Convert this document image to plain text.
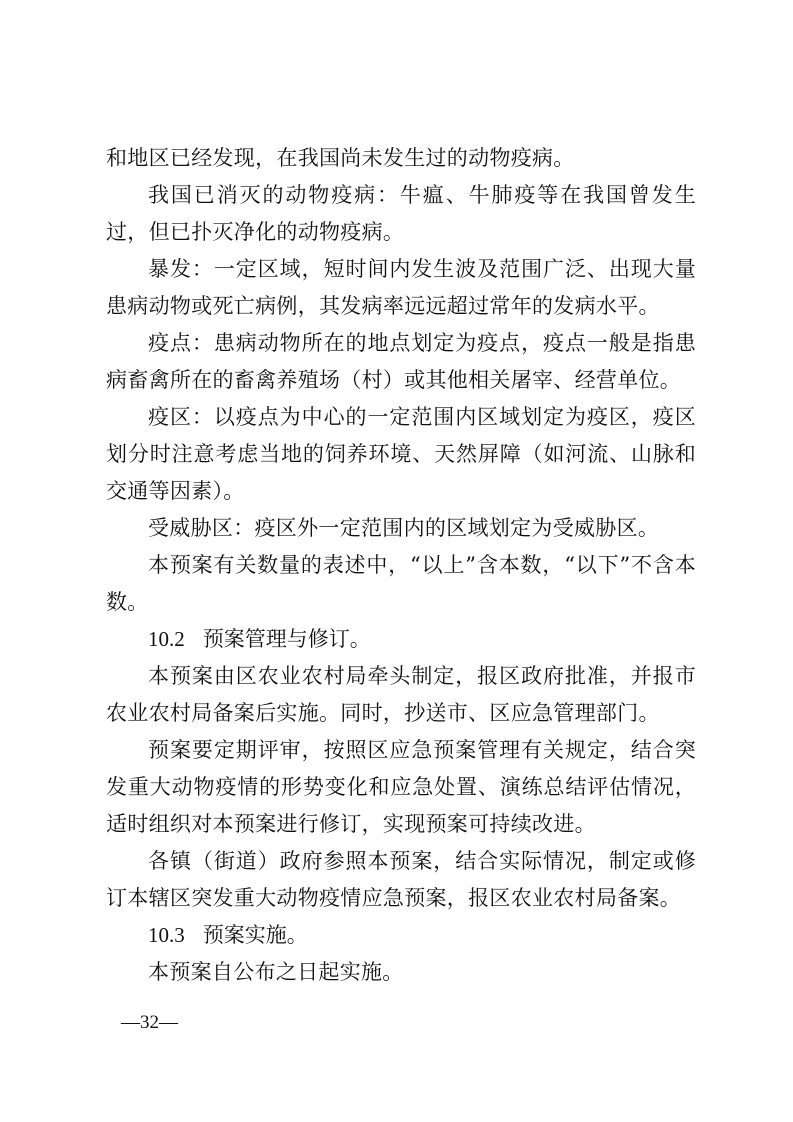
和地区已经发现，在我国尚未发生过的动物疫病。

我国已消灭的动物疫病：牛瘟、牛肺疫等在我国曾发生过，但已扑灭净化的动物疫病。

暴发：一定区域，短时间内发生波及范围广泛、出现大量患病动物或死亡病例，其发病率远远超过常年的发病水平。

疫点：患病动物所在的地点划定为疫点，疫点一般是指患病畜禽所在的畜禽养殖场（村）或其他相关屠宰、经营单位。

疫区：以疫点为中心的一定范围内区域划定为疫区，疫区划分时注意考虑当地的饲养环境、天然屏障（如河流、山脉和交通等因素）。

受威胁区：疫区外一定范围内的区域划定为受威胁区。

本预案有关数量的表述中，“以上”含本数，“以下”不含本数。

10.2 预案管理与修订。

本预案由区农业农村局牵头制定，报区政府批准，并报市农业农村局备案后实施。同时，抄送市、区应急管理部门。

预案要定期评审，按照区应急预案管理有关规定，结合突发重大动物疫情的形势变化和应急处置、演练总结评估情况，适时组织对本预案进行修订，实现预案可持续改进。

各镇（街道）政府参照本预案，结合实际情况，制定或修订本辖区突发重大动物疫情应急预案，报区农业农村局备案。

10.3 预案实施。

本预案自公布之日起实施。

—32—
